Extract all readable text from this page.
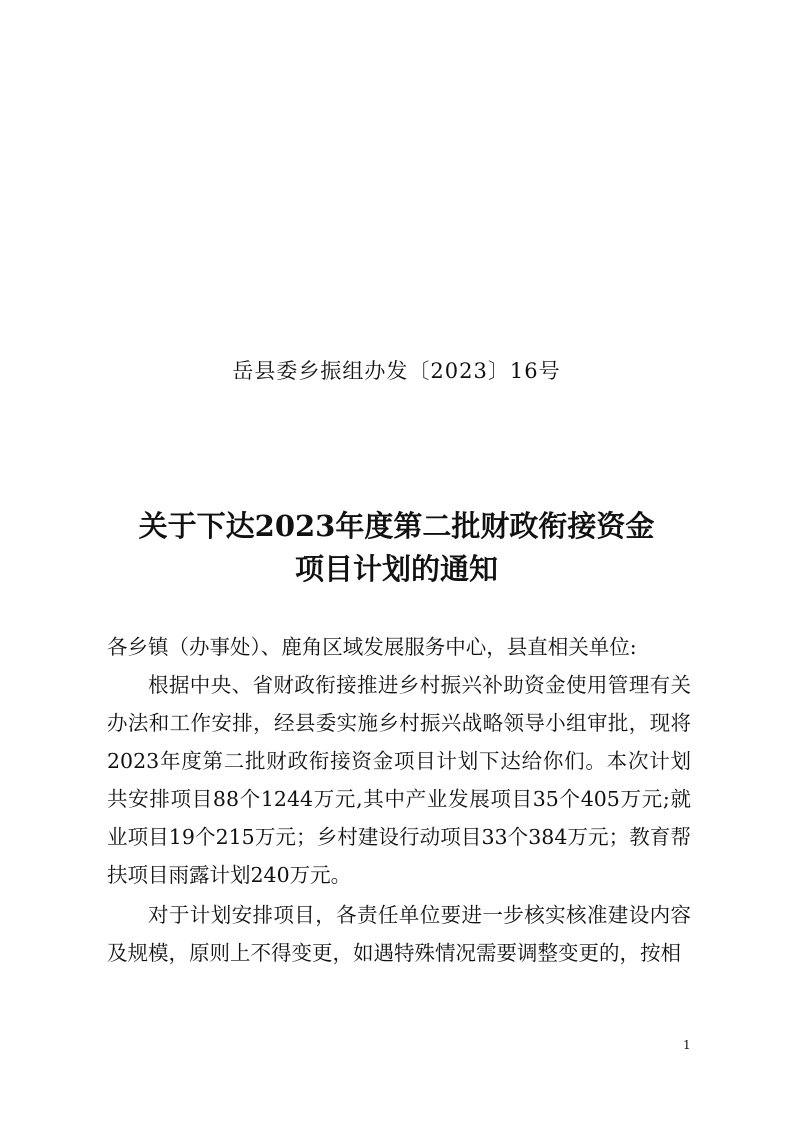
岳县委乡振组办发〔2023〕16号
关于下达2023年度第二批财政衔接资金
项目计划的通知

各乡镇（办事处）、鹿角区域发展服务中心，县直相关单位:

根据中央、省财政衔接推进乡村振兴补助资金使用管理有关办法和工作安排，经县委实施乡村振兴战略领导小组审批，现将2023年度第二批财政衔接资金项目计划下达给你们。本次计划共安排项目88个1244万元,其中产业发展项目35个405万元;就业项目19个215万元；乡村建设行动项目33个384万元；教育帮扶项目雨露计划240万元。

对于计划安排项目，各责任单位要进一步核实核准建设内容及规模，原则上不得变更，如遇特殊情况需要调整变更的，按相

1
